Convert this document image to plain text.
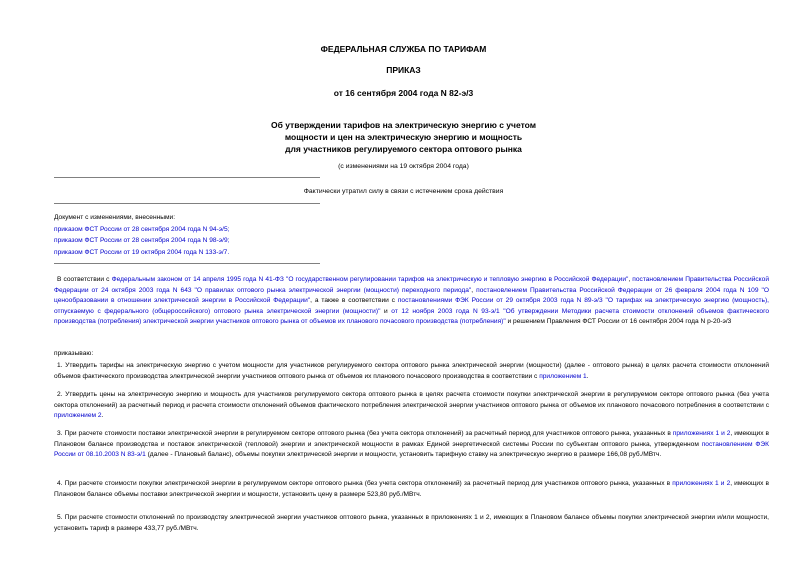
ФЕДЕРАЛЬНАЯ СЛУЖБА ПО ТАРИФАМ
ПРИКАЗ
от 16 сентября 2004 года N 82-э/3
Об утверждении тарифов на электрическую энергию с учетом
мощности и цен на электрическую энергию и мощность
для участников регулируемого сектора оптового рынка
(с изменениями на 19 октября 2004 года)
Фактически утратил силу в связи с истечением срока действия
Документ с изменениями, внесенными:
приказом ФСТ России от 28 сентября 2004 года N 94-э/5;
приказом ФСТ России от 28 сентября 2004 года N 98-э/9;
приказом ФСТ России от 19 октября 2004 года N 133-э/7.

В соответствии с Федеральным законом от 14 апреля 1995 года N 41-ФЗ "О государственном регулировании тарифов на электрическую и тепловую энергию в Российской Федерации", постановлением Правительства Российской Федерации от 24 октября 2003 года N 643 "О правилах оптового рынка электрической энергии (мощности) переходного периода", постановлением Правительства Российской Федерации от 26 февраля 2004 года N 109 "О ценообразовании в отношении электрической энергии в Российской Федерации", а также в соответствии с постановлениями ФЭК России от 29 октября 2003 года N 89-э/3 "О тарифах на электрическую энергию (мощность), отпускаемую с федерального (общероссийского) оптового рынка электрической энергии (мощности)" и от 12 ноября 2003 года N 93-э/1 "Об утверждении Методики расчета стоимости отклонений объемов фактического производства (потребления) электрической энергии участников оптового рынка от объемов их планового почасового производства (потребления)" и решением Правления ФСТ России от 16 сентября 2004 года N р-20-э/3

приказываю:

1. Утвердить тарифы на электрическую энергию с учетом мощности для участников регулируемого сектора оптового рынка электрической энергии (мощности) (далее - оптового рынка) в целях расчета стоимости отклонений объемов фактического производства электрической энергии участников оптового рынка от объемов их планового почасового производства в соответствии с приложением 1.

2. Утвердить цены на электрическую энергию и мощность для участников регулируемого сектора оптового рынка в целях расчета стоимости покупки электрической энергии в регулируемом секторе оптового рынка (без учета сектора отклонений) за расчетный период и расчета стоимости отклонений объемов фактического потребления электрической энергии участников оптового рынка от объемов их планового почасового потребления в соответствии с приложением 2.

3. При расчете стоимости поставки электрической энергии в регулируемом секторе оптового рынка (без учета сектора отклонений) за расчетный период для участников оптового рынка, указанных в приложениях 1 и 2, имеющих в Плановом балансе производства и поставок электрической (тепловой) энергии и электрической мощности в рамках Единой энергетической системы России по субъектам оптового рынка, утвержденном постановлением ФЭК России от 08.10.2003 N 83-э/1 (далее - Плановый баланс), объемы покупки электрической энергии и мощности, установить тарифную ставку на электрическую энергию в размере 166,08 руб./МВтч.

4. При расчете стоимости покупки электрической энергии в регулируемом секторе оптового рынка (без учета сектора отклонений) за расчетный период для участников оптового рынка, указанных в приложениях 1 и 2, имеющих в Плановом балансе объемы поставки электрической энергии и мощности, установить цену в размере 523,80 руб./МВтч.

5. При расчете стоимости отклонений по производству электрической энергии участников оптового рынка, указанных в приложениях 1 и 2, имеющих в Плановом балансе объемы покупки электрической энергии и/или мощности, установить тариф в размере 433,77 руб./МВтч.
